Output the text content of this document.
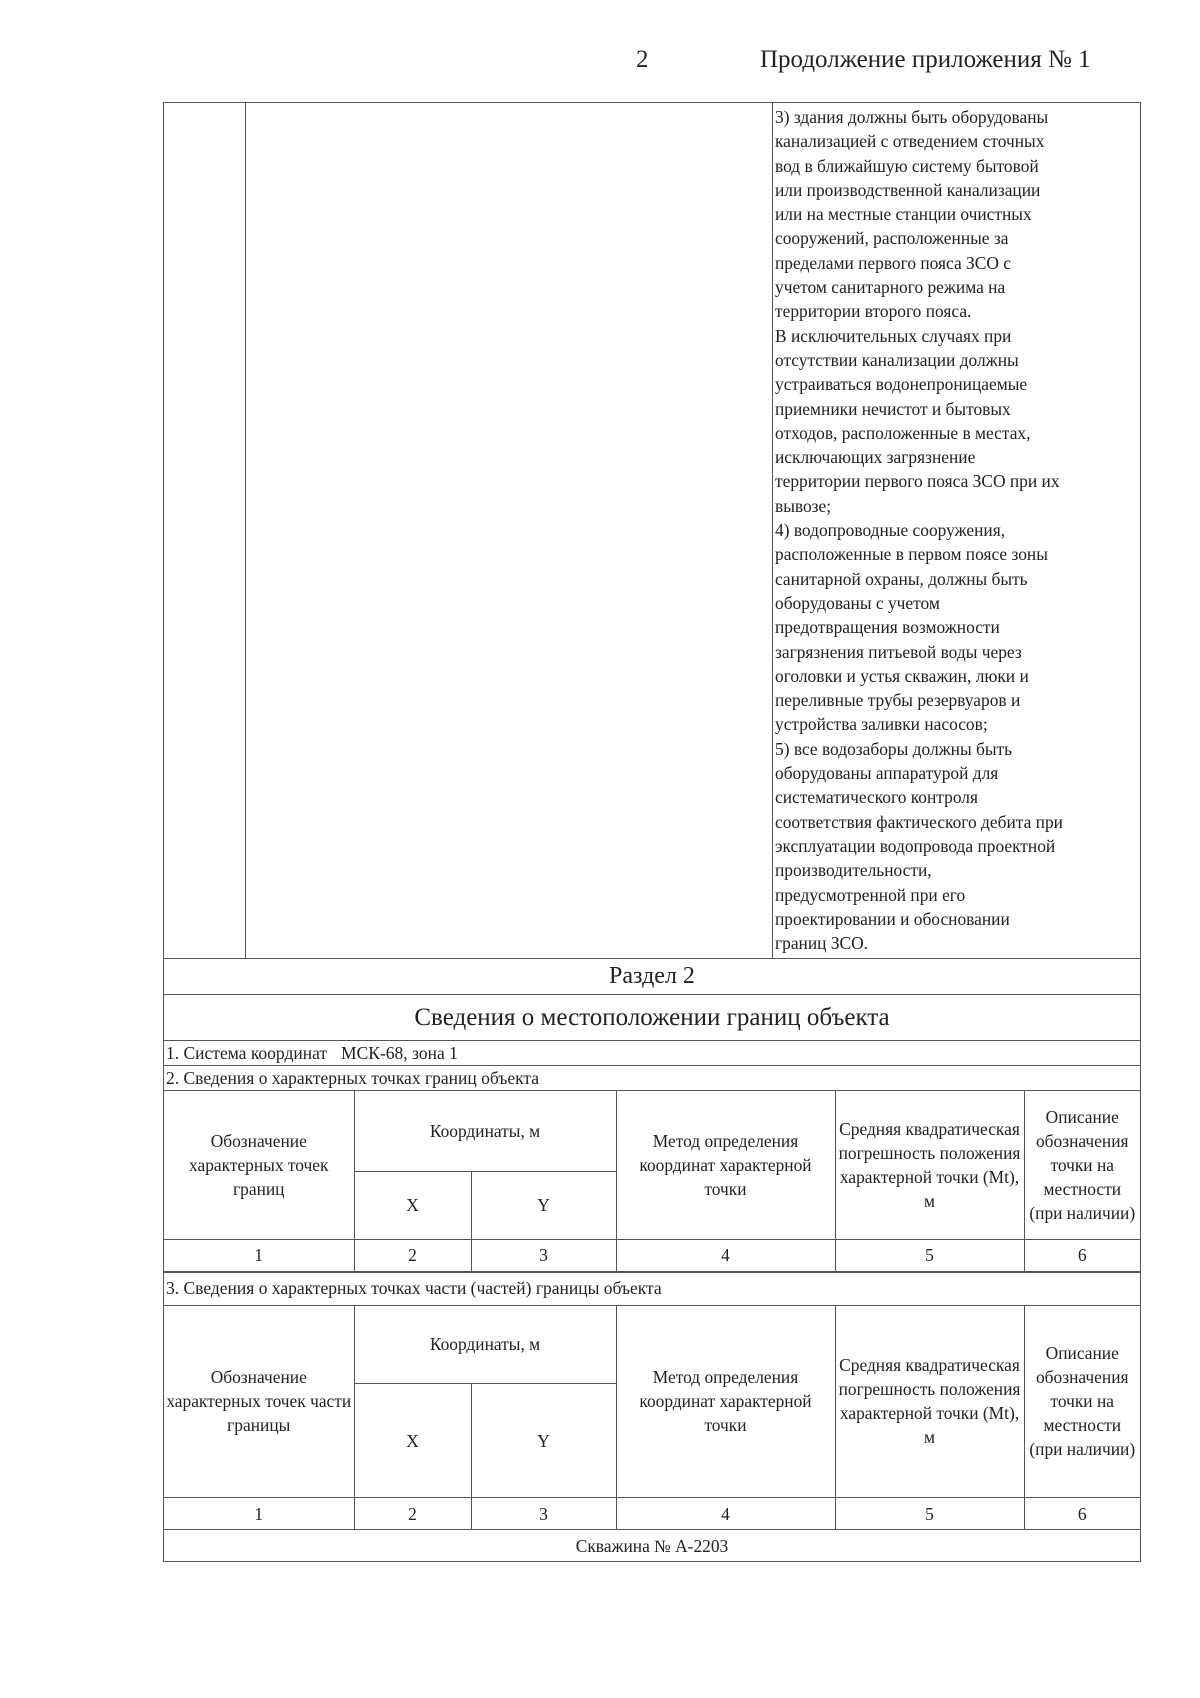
2	Продолжение приложения № 1

3) здания должны быть оборудованы

канализацией с отведением сточных

вод в ближайшую систему бытовой

или производственной канализации

или на местные станции очистных

сооружений, расположенные за

пределами первого пояса ЗСО с

учетом санитарного режима на

территории второго пояса.

В исключительных случаях при

отсутствии канализации должны

устраиваться водонепроницаемые

приемники нечистот и бытовых

отходов, расположенные в местах,

исключающих загрязнение

территории первого пояса ЗСО при их

вывозе;

4) водопроводные сооружения,

расположенные в первом поясе зоны

санитарной охраны, должны быть

оборудованы с учетом

предотвращения возможности

загрязнения питьевой воды через

оголовки и устья скважин, люки и

переливные трубы резервуаров и

устройства заливки насосов;

5) все водозаборы должны быть

оборудованы аппаратурой для

систематического контроля

соответствия фактического дебита при

эксплуатации водопровода проектной

производительности,

предусмотренной при его

проектировании и обосновании

границ ЗСО.

Раздел 2
Сведения о местоположении границ объекта
1. Система координат МСК-68, зона 1
2. Сведения о характерных точках границ объекта
Обозначение характерных точек границ	Координаты, м		Метод определения координат характерной точки	Средняя квадратическая погрешность положения характерной точки (Mt), м	Описание обозначения точки на местности (при наличии)
	X	Y			
1	2	3	4	5	6
3. Сведения о характерных точках части (частей) границы объекта
Обозначение характерных точек части границы	Координаты, м		Метод определения координат характерной точки	Средняя квадратическая погрешность положения характерной точки (Mt), м	Описание обозначения точки на местности (при наличии)
	X	Y			
1	2	3	4	5	6
Скважина № А-2203					
